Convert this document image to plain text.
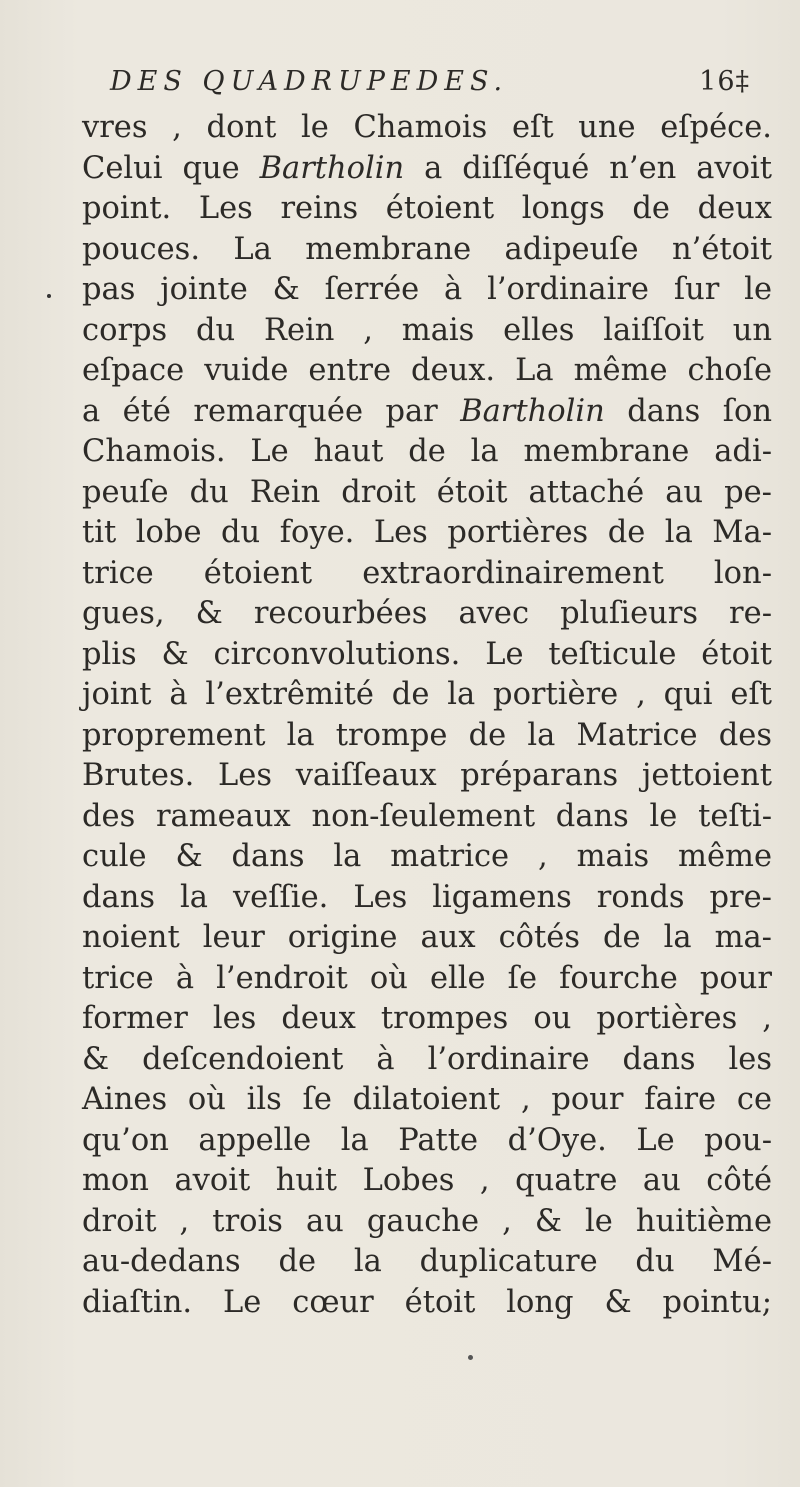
DES QUADRUPEDES.	16‡
vres , dont le Chamois eſt une eſpéce.
Celui que Bartholin a diſſéqué n’en avoit
point. Les reins étoient longs de deux
pouces. La membrane adipeuſe n’étoit
pas jointe & ſerrée à l’ordinaire ſur le
corps du Rein , mais elles laiſſoit un
eſpace vuide entre deux. La même choſe
a été remarquée par Bartholin dans ſon
Chamois. Le haut de la membrane adi-
peuſe du Rein droit étoit attaché au pe-
tit lobe du foye. Les portières de la Ma-
trice étoient extraordinairement lon-
gues, & recourbées avec pluſieurs re-
plis & circonvolutions. Le teſticule étoit
joint à l’extrêmité de la portière , qui eſt
proprement la trompe de la Matrice des
Brutes. Les vaiſſeaux préparans jettoient
des rameaux non-ſeulement dans le teſti-
cule & dans la matrice , mais même
dans la veſſie. Les ligamens ronds pre-
noient leur origine aux côtés de la ma-
trice à l’endroit où elle ſe fourche pour
former les deux trompes ou portières ,
& deſcendoient à l’ordinaire dans les
Aines où ils ſe dilatoient , pour faire ce
qu’on appelle la Patte d’Oye. Le pou-
mon avoit huit Lobes , quatre au côté
droit , trois au gauche , & le huitième
au-dedans de la duplicature du Mé-
diaſtin. Le cœur étoit long & pointu;
